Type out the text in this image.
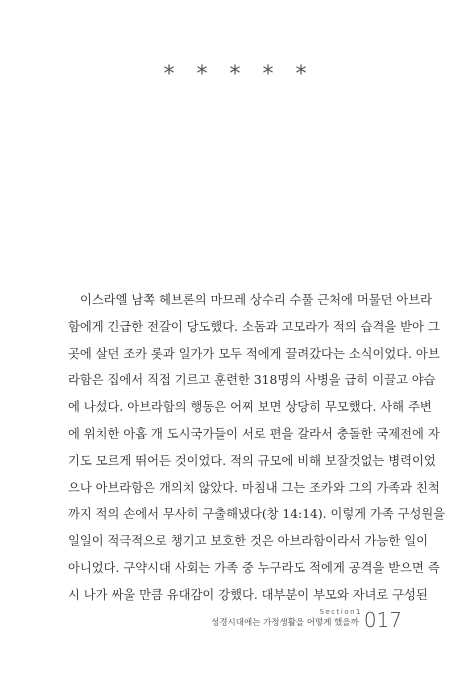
* * * * *
이스라엘 남쪽 헤브론의 마므레 상수리 수풀 근처에 머물던 아브라
함에게 긴급한 전갈이 당도했다. 소돔과 고모라가 적의 습격을 받아 그
곳에 살던 조카 롯과 일가가 모두 적에게 끌려갔다는 소식이었다. 아브
라함은 집에서 직접 기르고 훈련한 318명의 사병을 급히 이끌고 야습
에 나섰다. 아브라함의 행동은 어찌 보면 상당히 무모했다. 사해 주변
에 위치한 아홉 개 도시국가들이 서로 편을 갈라서 충돌한 국제전에 자
기도 모르게 뛰어든 것이었다. 적의 규모에 비해 보잘것없는 병력이었
으나 아브라함은 개의치 않았다. 마침내 그는 조카와 그의 가족과 친척
까지 적의 손에서 무사히 구출해냈다(창 14:14). 이렇게 가족 구성원을
일일이 적극적으로 챙기고 보호한 것은 아브라함이라서 가능한 일이
아니었다. 구약시대 사회는 가족 중 누구라도 적에게 공격을 받으면 즉
시 나가 싸울 만큼 유대감이 강했다. 대부분이 부모와 자녀로 구성된
Section1
성경시대에는 가정생활을 어떻게 했을까 017
